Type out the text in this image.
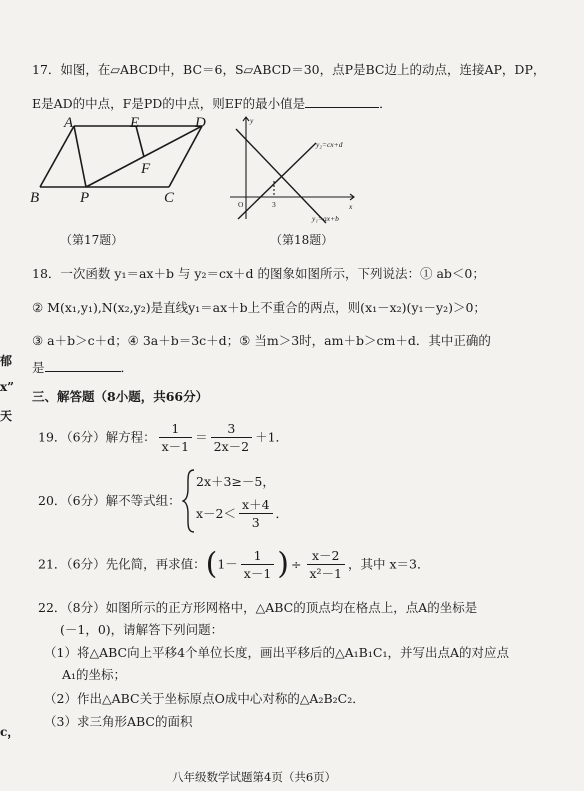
郁
x”
天
c，
17．如图，在▱ABCD中，BC＝6，S▱ABCD＝30，点P是BC边上的动点，连接AP，DP，
E是AD的中点，F是PD的中点，则EF的最小值是	．
A	E	D
F
B	P	C
（第17题）
y
x
O	3
y₂=cx+d
y₁=ax+b
（第18题）
18．一次函数 y₁＝ax＋b 与 y₂＝cx＋d 的图象如图所示，下列说法：① ab＜0；
② M(x₁,y₁),N(x₂,y₂)是直线y₁＝ax＋b上不重合的两点，则(x₁－x₂)(y₁－y₂)＞0；
③ a＋b＞c＋d；④ 3a＋b＝3c＋d；⑤ 当m＞3时，am＋b＞cm＋d．其中正确的
是	．
三、解答题（8小题，共66分）
19．（6分）解方程： $\frac{1}{x-1} = \frac{3}{2x-2} +1$．
20．（6分）解不等式组：
2x＋3≥－5，
$x-2< \frac{x+4}{3}$ ．
21．（6分）先化简，再求值：($1- \frac{1}{x-1}$ ) ÷ $\frac{x-2}{\text{x²－1}}$ ，其中 x＝3．
22．（8分）如图所示的正方形网格中，△ABC的顶点均在格点上，点A的坐标是
(－1，0)，请解答下列问题：
（1）将△ABC向上平移4个单位长度，画出平移后的△A₁B₁C₁，并写出点A的对应点
A₁的坐标；
（2）作出△ABC关于坐标原点O成中心对称的△A₂B₂C₂．
（3）求三角形ABC的面积
八年级数学试题第4页（共6页）
